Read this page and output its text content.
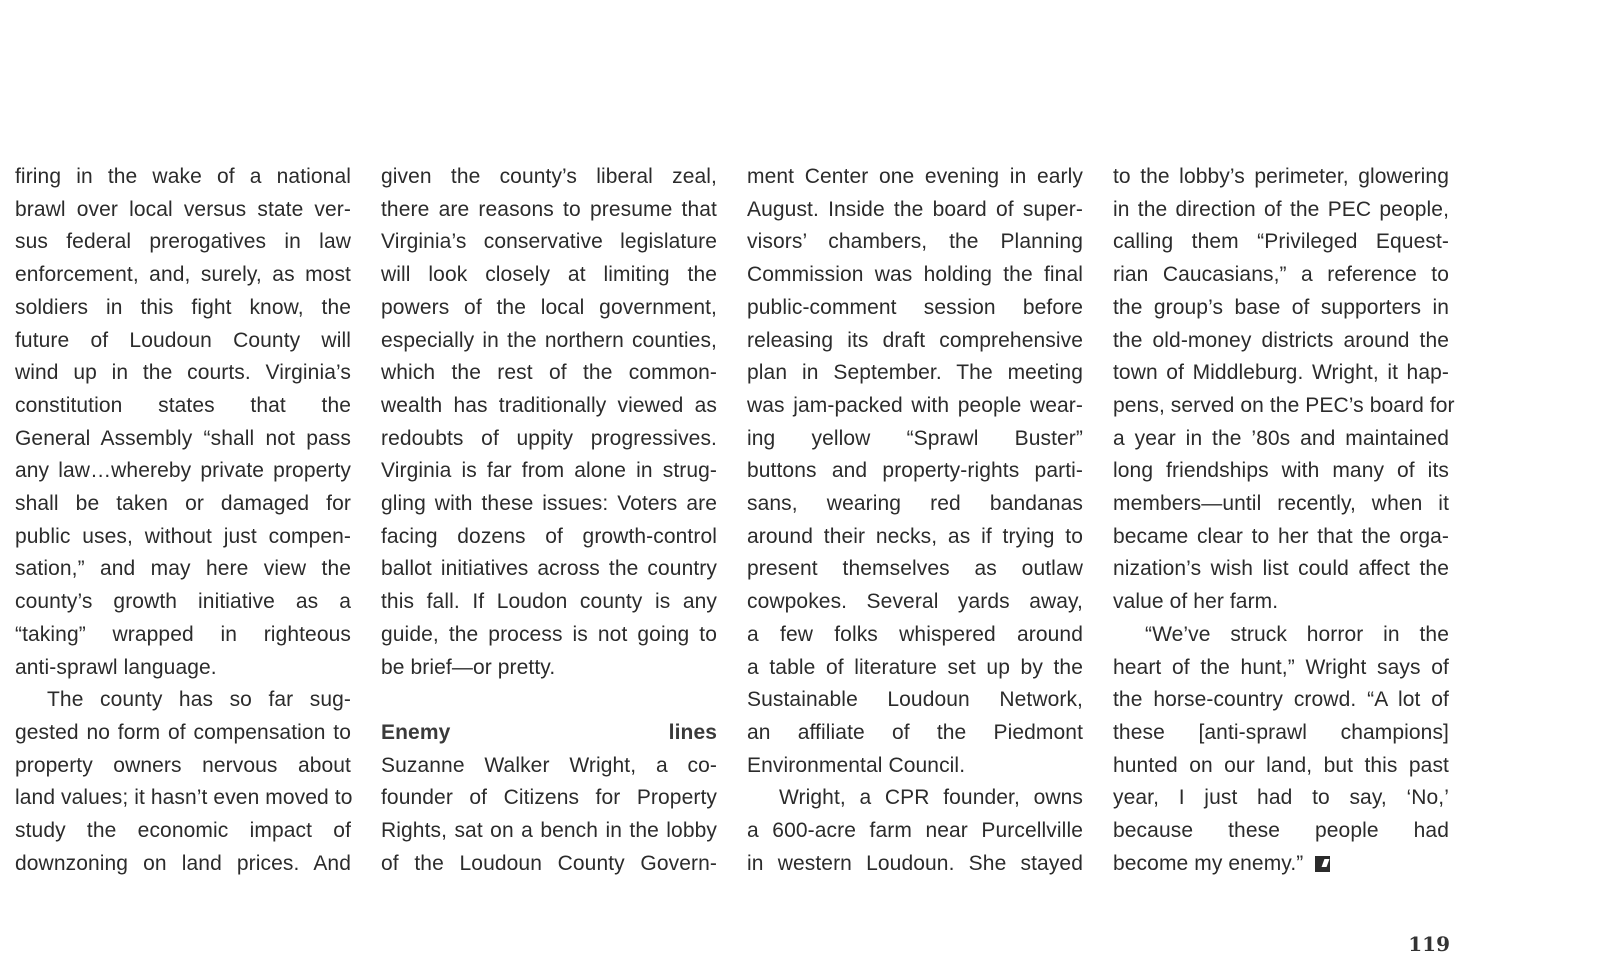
firing in the wake of a national
brawl over local versus state ver-
sus federal prerogatives in law
enforcement, and, surely, as most
soldiers in this fight know, the
future of Loudoun County will
wind up in the courts. Virginia’s
constitution states that the
General Assembly “shall not pass
any law…whereby private property
shall be taken or damaged for
public uses, without just compen-
sation,” and may here view the
county’s growth initiative as a
“taking” wrapped in righteous
anti-sprawl language.
The county has so far sug-
gested no form of compensation to
property owners nervous about
land values; it hasn’t even moved to
study the economic impact of
downzoning on land prices. And
given the county’s liberal zeal,
there are reasons to presume that
Virginia’s conservative legislature
will look closely at limiting the
powers of the local government,
especially in the northern counties,
which the rest of the common-
wealth has traditionally viewed as
redoubts of uppity progressives.
Virginia is far from alone in strug-
gling with these issues: Voters are
facing dozens of growth-control
ballot initiatives across the country
this fall. If Loudon county is any
guide, the process is not going to
be brief—or pretty.
Enemy lines
Suzanne Walker Wright, a co-
founder of Citizens for Property
Rights, sat on a bench in the lobby
of the Loudoun County Govern-
ment Center one evening in early
August. Inside the board of super-
visors’ chambers, the Planning
Commission was holding the final
public-comment session before
releasing its draft comprehensive
plan in September. The meeting
was jam-packed with people wear-
ing yellow “Sprawl Buster”
buttons and property-rights parti-
sans, wearing red bandanas
around their necks, as if trying to
present themselves as outlaw
cowpokes. Several yards away,
a few folks whispered around
a table of literature set up by the
Sustainable Loudoun Network,
an affiliate of the Piedmont
Environmental Council.
Wright, a CPR founder, owns
a 600-acre farm near Purcellville
in western Loudoun. She stayed
to the lobby’s perimeter, glowering
in the direction of the PEC people,
calling them “Privileged Equest-
rian Caucasians,” a reference to
the group’s base of supporters in
the old-money districts around the
town of Middleburg. Wright, it hap-
pens, served on the PEC’s board for
a year in the ’80s and maintained
long friendships with many of its
members—until recently, when it
became clear to her that the orga-
nization’s wish list could affect the
value of her farm.
“We’ve struck horror in the
heart of the hunt,” Wright says of
the horse-country crowd. “A lot of
these [anti-sprawl champions]
hunted on our land, but this past
year, I just had to say, ‘No,’
because these people had
become my enemy.”
119
